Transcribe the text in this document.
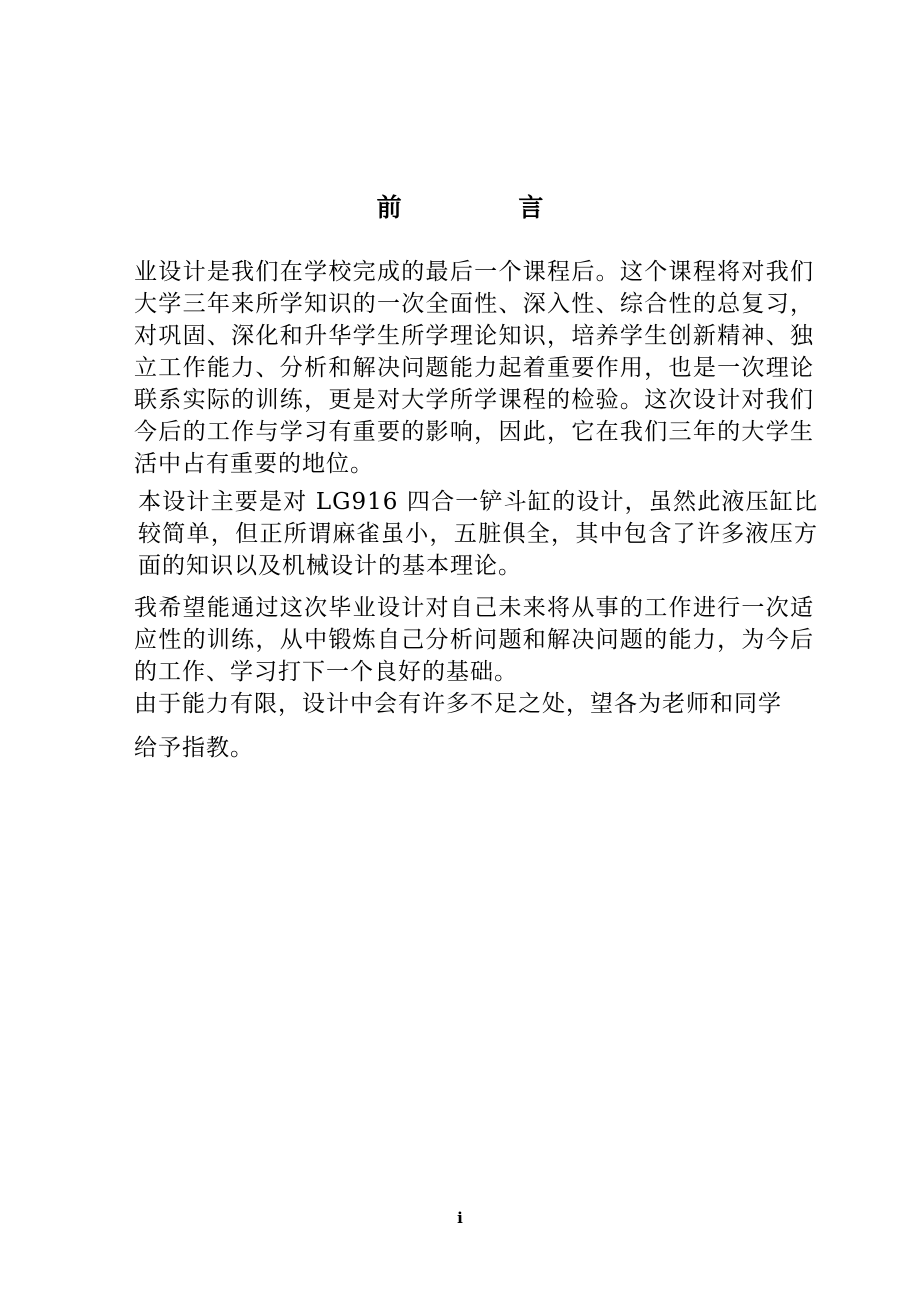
前 言

业设计是我们在学校完成的最后一个课程后。这个课程将对我们大学三年来所学知识的一次全面性、深入性、综合性的总复习，对巩固、深化和升华学生所学理论知识，培养学生创新精神、独立工作能力、分析和解决问题能力起着重要作用，也是一次理论联系实际的训练，更是对大学所学课程的检验。这次设计对我们今后的工作与学习有重要的影响，因此，它在我们三年的大学生活中占有重要的地位。

本设计主要是对 LG916 四合一铲斗缸的设计，虽然此液压缸比较简单，但正所谓麻雀虽小，五脏俱全，其中包含了许多液压方面的知识以及机械设计的基本理论。

我希望能通过这次毕业设计对自己未来将从事的工作进行一次适应性的训练，从中锻炼自己分析问题和解决问题的能力，为今后的工作、学习打下一个良好的基础。

由于能力有限，设计中会有许多不足之处，望各为老师和同学

给予指教。

i
